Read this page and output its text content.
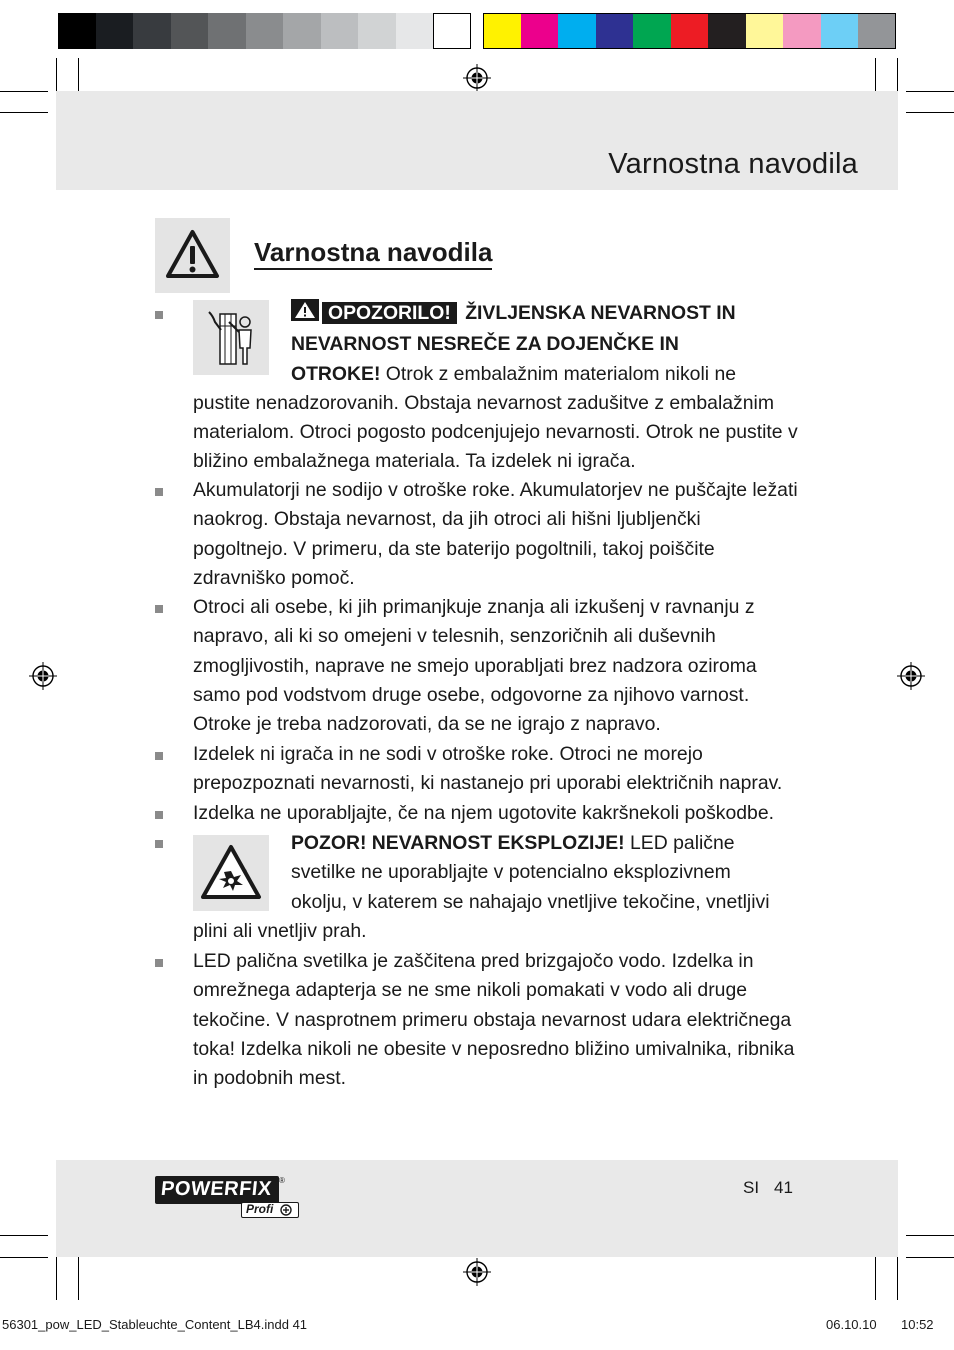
Varnostna navodila
Varnostna navodila
OPOZORILO! ŽIVLJENSKA NEVARNOST IN
NEVARNOST NESREČE ZA DOJENČKE IN
OTROKE! Otrok z embalažnim materialom nikoli ne
pustite nenadzorovanih. Obstaja nevarnost zadušitve z embalažnim materialom. Otroci pogosto podcenjujejo nevarnosti. Otrok ne pustite v bližino embalažnega materiala. Ta izdelek ni igrača.
Akumulatorji ne sodijo v otroške roke. Akumulatorjev ne puščajte ležati naokrog. Obstaja nevarnost, da jih otroci ali hišni ljubljenčki pogoltnejo. V primeru, da ste baterijo pogoltnili, takoj poiščite zdravniško pomoč.
Otroci ali osebe, ki jih primanjkuje znanja ali izkušenj v ravnanju z napravo, ali ki so omejeni v telesnih, senzoričnih ali duševnih zmogljivostih, naprave ne smejo uporabljati brez nadzora oziroma samo pod vodstvom druge osebe, odgovorne za njihovo varnost. Otroke je treba nadzorovati, da se ne igrajo z napravo.
Izdelek ni igrača in ne sodi v otroške roke. Otroci ne morejo prepozpoznati nevarnosti, ki nastanejo pri uporabi električnih naprav.
Izdelka ne uporabljajte, če na njem ugotovite kakršnekoli poškodbe.
POZOR! NEVARNOST EKSPLOZIJE! LED palične
svetilke ne uporabljajte v potencialno eksplozivnem
okolju, v katerem se nahajajo vnetljive tekočine, vnetljivi
plini ali vnetljiv prah.
LED palična svetilka je zaščitena pred brizgajočo vodo. Izdelka in omrežnega adapterja se ne sme nikoli pomakati v vodo ali druge tekočine. V nasprotnem primeru obstaja nevarnost udara električnega toka! Izdelka nikoli ne obesite v neposredno bližino umivalnika, ribnika in podobnih mest.
POWERFIX ®
Profi
SI 41
56301_pow_LED_Stableuchte_Content_LB4.indd 41	06.10.10 10:52
